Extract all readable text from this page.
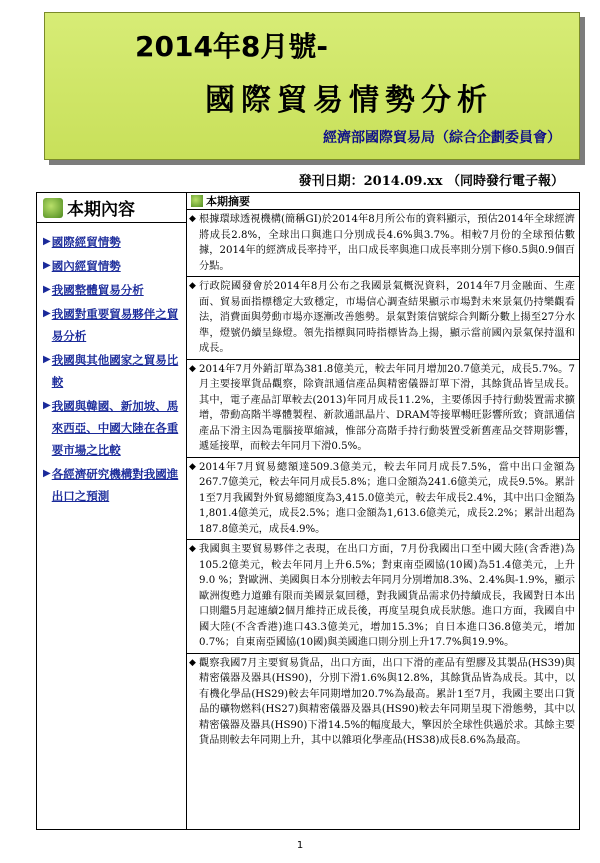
2014年8月號-
國際貿易情勢分析
經濟部國際貿易局（綜合企劃委員會）
發刊日期：2014.09.xx （同時發行電子報）
本期內容
▶ 國際經貿情勢
▶ 國內經貿情勢
▶ 我國整體貿易分析
▶ 我國對重要貿易夥伴之貿易分析
▶ 我國與其他國家之貿易比較
▶ 我國與韓國、新加坡、馬來西亞、中國大陸在各重要市場之比較
▶ 各經濟研究機構對我國進出口之預測
本期摘要
◆ 根據環球透視機構(簡稱GI)於2014年8月所公布的資料顯示，預估2014年全球經濟將成長2.8%，全球出口與進口分別成長4.6%與3.7%。相較7月份的全球預估數據，2014年的經濟成長率持平，出口成長率與進口成長率則分別下修0.5與0.9個百分點。
◆ 行政院國發會於2014年8月公布之我國景氣概況資料，2014年7月金融面、生產面、貿易面指標穩定大致穩定，市場信心調查結果顯示市場對未來景氣仍持樂觀看法，消費面與勞動市場亦逐漸改善態勢。景氣對策信號綜合判斷分數上揚至27分水準，燈號仍續呈綠燈。領先指標與同時指標皆為上揚，顯示當前國內景氣保持溫和成長。
◆ 2014年7月外銷訂單為381.8億美元，較去年同月增加20.7億美元，成長5.7%。7月主要接單貨品觀察，除資訊通信產品與精密儀器訂單下滑，其餘貨品皆呈成長。其中，電子產品訂單較去(2013)年同月成長11.2%，主要係因手持行動裝置需求擴增，帶動高階半導體製程、新款通訊晶片、DRAM等接單暢旺影響所致；資訊通信產品下滑主因為電腦接單縮減，惟部分高階手持行動裝置受新舊產品交替期影響，遞延接單，而較去年同月下滑0.5%。
◆ 2014年7月貿易總額達509.3億美元，較去年同月成長7.5%，當中出口金額為267.7億美元，較去年同月成長5.8%；進口金額為241.6億美元，成長9.5%。累計1至7月我國對外貿易總額度為3,415.0億美元，較去年成長2.4%，其中出口金額為1,801.4億美元，成長2.5%；進口金額為1,613.6億美元，成長2.2%；累計出超為187.8億美元，成長4.9%。
◆ 我國與主要貿易夥伴之表現，在出口方面，7月份我國出口至中國大陸(含香港)為105.2億美元，較去年同月上升6.5%；對東南亞國協(10國)為51.4億美元，上升9.0 %；對歐洲、美國與日本分別較去年同月分別增加8.3%、2.4%與-1.9%，顯示歐洲復甦力道雖有限而美國景氣回穩，對我國貨品需求仍持續成長，我國對日本出口則繼5月起連續2個月維持正成長後，再度呈現負成長狀態。進口方面，我國自中國大陸(不含香港)進口43.3億美元，增加15.3%；自日本進口36.8億美元，增加0.7%；自東南亞國協(10國)與美國進口則分別上升17.7%與19.9%。
◆ 觀察我國7月主要貿易貨品，出口方面，出口下滑的產品有塑膠及其製品(HS39)與精密儀器及器具(HS90)，分別下滑1.6%與12.8%，其餘貨品皆為成長。其中，以有機化學品(HS29)較去年同期增加20.7%為最高。累計1至7月，我國主要出口貨品的礦物燃料(HS27)與精密儀器及器具(HS90)較去年同期呈現下滑態勢，其中以精密儀器及器具(HS90)下滑14.5%的幅度最大，擎因於全球性供過於求。其餘主要貨品則較去年同期上升，其中以雜項化學產品(HS38)成長8.6%為最高。
1
